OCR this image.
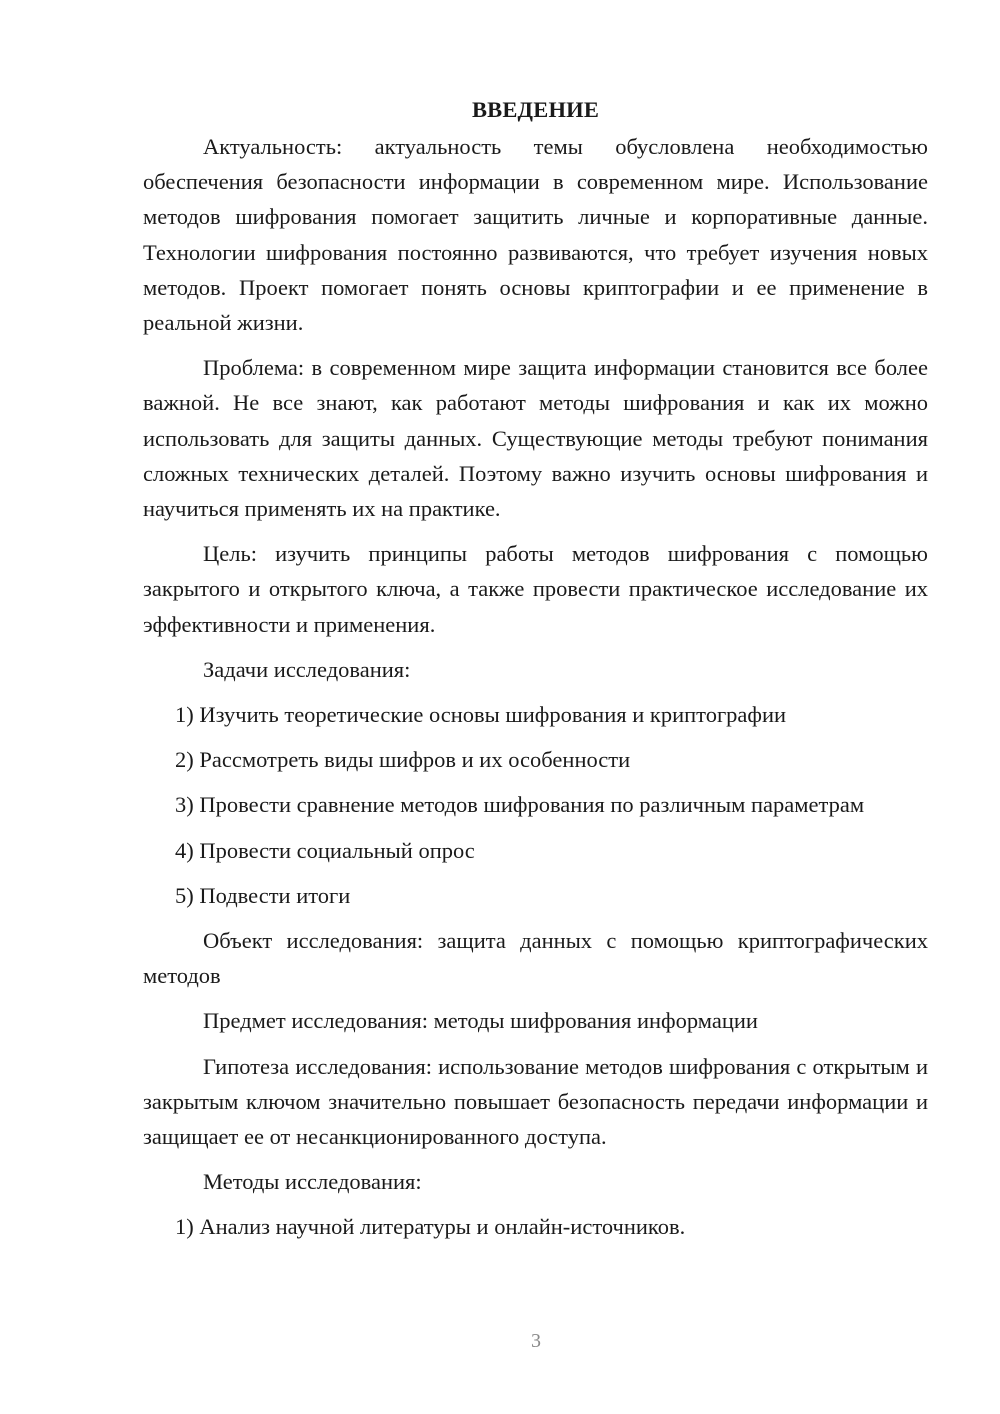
ВВЕДЕНИЕ

Актуальность: актуальность темы обусловлена необходимостью обеспечения безопасности информации в современном мире. Использование методов шифрования помогает защитить личные и корпоративные данные. Технологии шифрования постоянно развиваются, что требует изучения новых методов. Проект помогает понять основы криптографии и ее применение в реальной жизни.

Проблема: в современном мире защита информации становится все более важной. Не все знают, как работают методы шифрования и как их можно использовать для защиты данных. Существующие методы требуют понимания сложных технических деталей. Поэтому важно изучить основы шифрования и научиться применять их на практике.

Цель: изучить принципы работы методов шифрования с помощью закрытого и открытого ключа, а также провести практическое исследование их эффективности и применения.

Задачи исследования:

1) Изучить теоретические основы шифрования и криптографии

2) Рассмотреть виды шифров и их особенности

3) Провести сравнение методов шифрования по различным параметрам

4) Провести социальный опрос

5) Подвести итоги

Объект исследования: защита данных с помощью криптографических методов

Предмет исследования: методы шифрования информации

Гипотеза исследования: использование методов шифрования с открытым и закрытым ключом значительно повышает безопасность передачи информации и защищает ее от несанкционированного доступа.

Методы исследования:

1) Анализ научной литературы и онлайн-источников.

3
